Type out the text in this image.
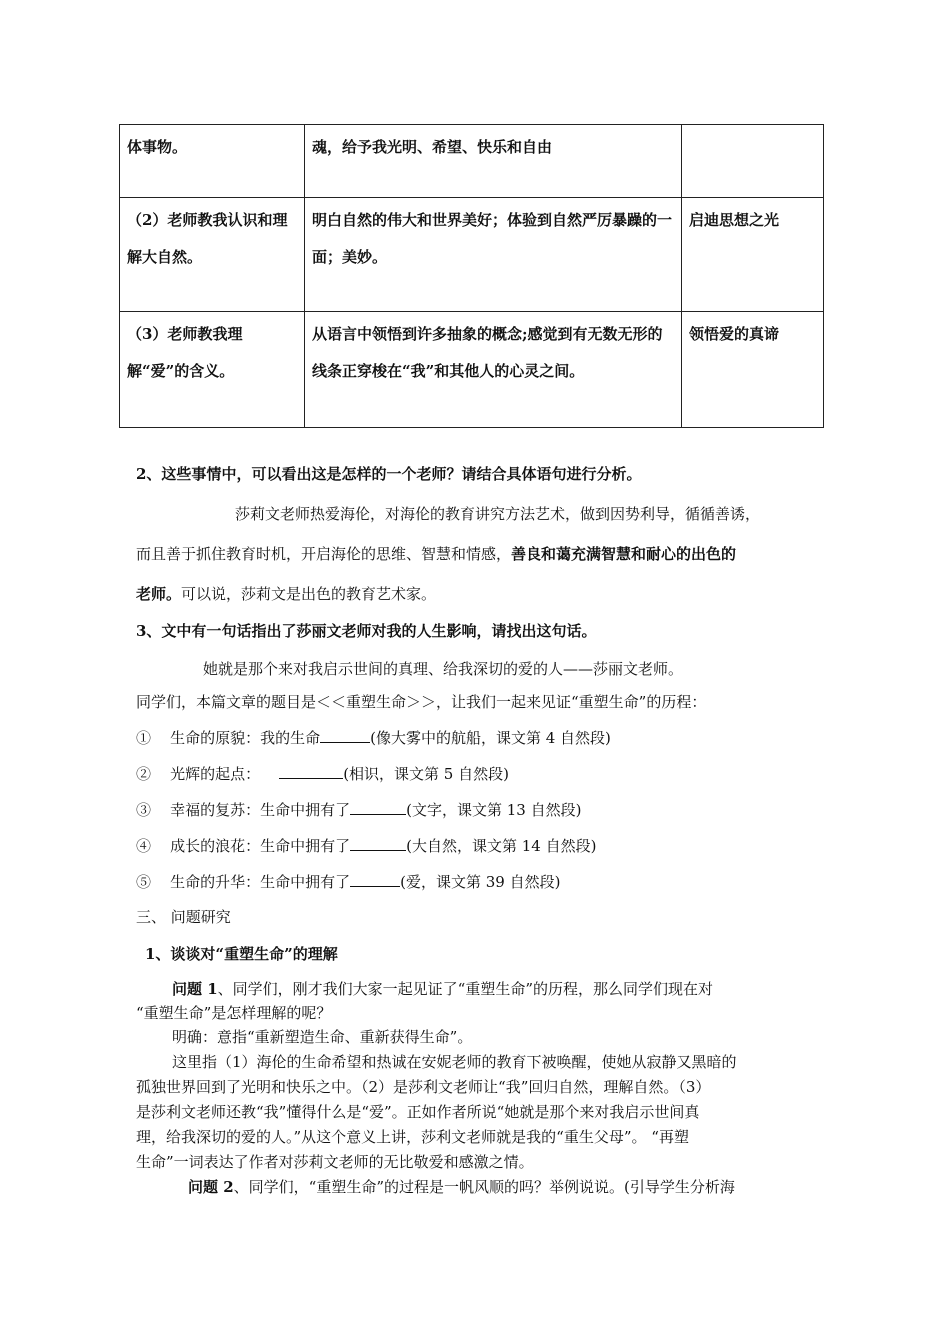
体事物。	魂，给予我光明、希望、快乐和自由	
（2）老师教我认识和理解大自然。	明白自然的伟大和世界美好；体验到自然严厉暴躁的一面；美妙。	启迪思想之光
（3）老师教我理解“爱”的含义。	从语言中领悟到许多抽象的概念;感觉到有无数无形的线条正穿梭在“我”和其他人的心灵之间。	领悟爱的真谛
2、这些事情中，可以看出这是怎样的一个老师？请结合具体语句进行分析。
莎莉文老师热爱海伦，对海伦的教育讲究方法艺术，做到因势利导，循循善诱，
而且善于抓住教育时机，开启海伦的思维、智慧和情感，善良和蔼充满智慧和耐心的出色的
老师。可以说，莎莉文是出色的教育艺术家。
3、文中有一句话指出了莎丽文老师对我的人生影响，请找出这句话。
她就是那个来对我启示世间的真理、给我深切的爱的人——莎丽文老师。
同学们，本篇文章的题目是＜＜重塑生命＞＞，让我们一起来见证“重塑生命”的历程：
① 生命的原貌：我的生命	(像大雾中的航船，课文第 4 自然段)
② 光辉的起点：	(相识，课文第 5 自然段)
③ 幸福的复苏：生命中拥有了	(文字，课文第 13 自然段)
④ 成长的浪花：生命中拥有了	(大自然，课文第 14 自然段)
⑤ 生命的升华：生命中拥有了	(爱，课文第 39 自然段)
三、 问题研究
1、谈谈对“重塑生命”的理解
问题 1、同学们，刚才我们大家一起见证了“重塑生命”的历程，那么同学们现在对
“重塑生命”是怎样理解的呢？
明确：意指“重新塑造生命、重新获得生命”。
这里指（1）海伦的生命希望和热诚在安妮老师的教育下被唤醒，使她从寂静又黑暗的
孤独世界回到了光明和快乐之中。（2）是莎利文老师让“我”回归自然，理解自然。（3）
是莎利文老师还教“我”懂得什么是“爱”。正如作者所说“她就是那个来对我启示世间真
理，给我深切的爱的人。”从这个意义上讲，莎利文老师就是我的“重生父母”。 “再塑
生命”一词表达了作者对莎莉文老师的无比敬爱和感激之情。
问题 2、同学们，“重塑生命”的过程是一帆风顺的吗？举例说说。(引导学生分析海
